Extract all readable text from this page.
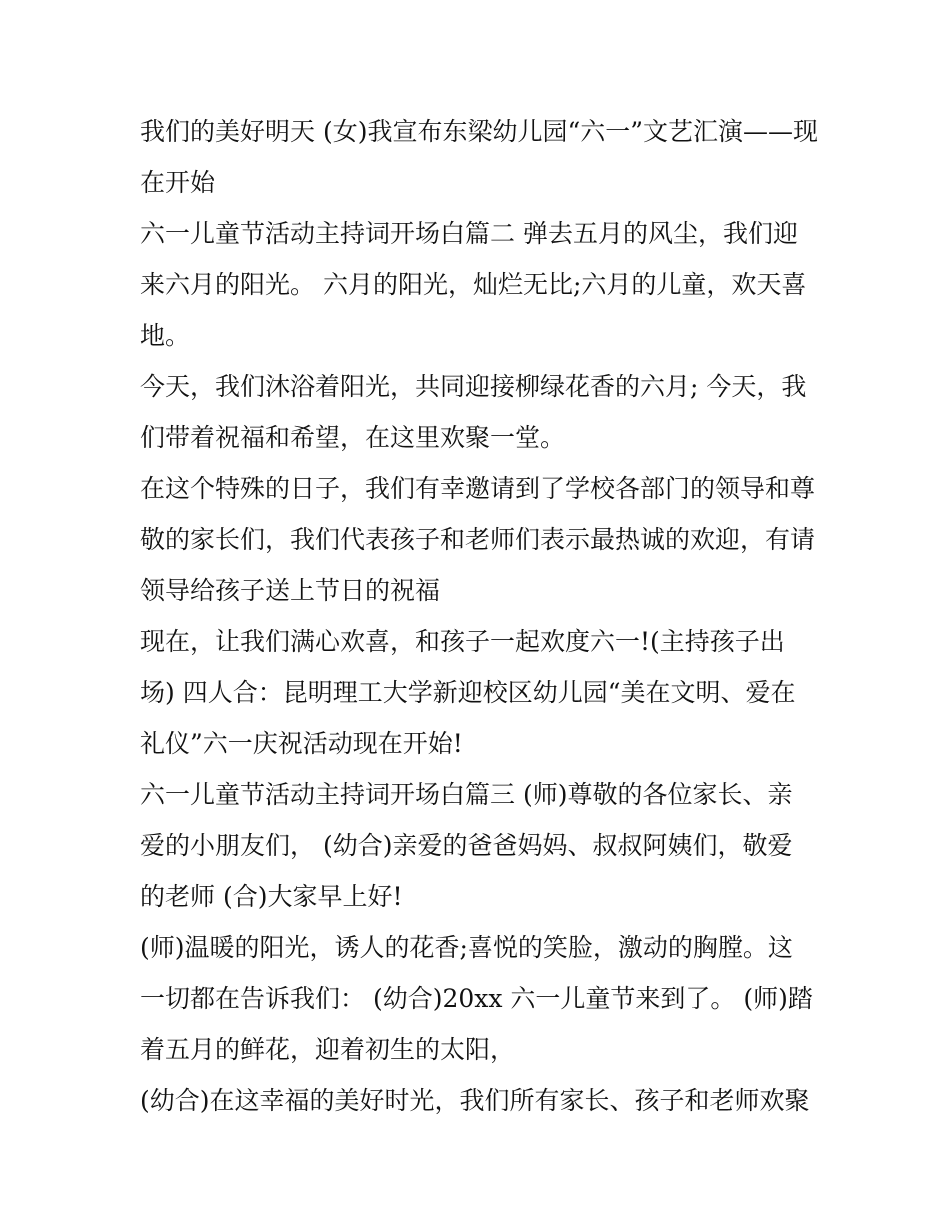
我们的美好明天 (女)我宣布东梁幼儿园“六一”文艺汇演——现
在开始
六一儿童节活动主持词开场白篇二 弹去五月的风尘，我们迎
来六月的阳光。 六月的阳光，灿烂无比;六月的儿童，欢天喜
地。
今天，我们沐浴着阳光，共同迎接柳绿花香的六月; 今天，我
们带着祝福和希望，在这里欢聚一堂。
在这个特殊的日子，我们有幸邀请到了学校各部门的领导和尊
敬的家长们，我们代表孩子和老师们表示最热诚的欢迎，有请
领导给孩子送上节日的祝福
现在，让我们满心欢喜，和孩子一起欢度六一!(主持孩子出
场) 四人合：昆明理工大学新迎校区幼儿园“美在文明、爱在
礼仪”六一庆祝活动现在开始!
六一儿童节活动主持词开场白篇三 (师)尊敬的各位家长、亲
爱的小朋友们， (幼合)亲爱的爸爸妈妈、叔叔阿姨们，敬爱
的老师 (合)大家早上好!
(师)温暖的阳光，诱人的花香;喜悦的笑脸，激动的胸膛。这
一切都在告诉我们： (幼合)20xx 六一儿童节来到了。 (师)踏
着五月的鲜花，迎着初生的太阳，
(幼合)在这幸福的美好时光，我们所有家长、孩子和老师欢聚
